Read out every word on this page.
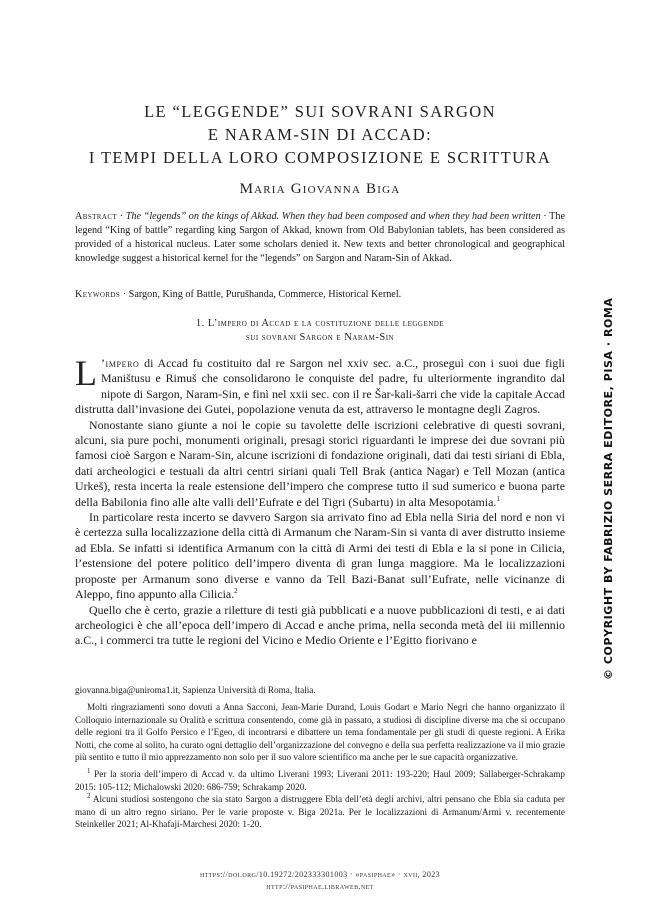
LE “LEGGENDE” SUI SOVRANI SARGON
E NARAM-SIN DI ACCAD:
I TEMPI DELLA LORO COMPOSIZIONE E SCRITTURA
Maria Giovanna Biga
Abstract · The “legends” on the kings of Akkad. When they had been composed and when they had been written · The legend “King of battle” regarding king Sargon of Akkad, known from Old Babylonian tablets, has been considered as provided of a historical nucleus. Later some scholars denied it. New texts and better chronological and geographical knowledge suggest a historical kernel for the “legends” on Sargon and Naram-Sin of Akkad.
Keywords · Sargon, King of Battle, Purušhanda, Commerce, Historical Kernel.
1. L’impero di Accad e la costituzione delle leggende
sui sovrani Sargon e Naram-Sin

L ’impero di Accad fu costituito dal re Sargon nel xxiv sec. a.C., proseguì con i suoi due figli Maništusu e Rimuš che consolidarono le conquiste del padre, fu ulteriormente ingrandito dal nipote di Sargon, Naram-Sin, e finì nel xxii sec. con il re Šar-kali-šarri che vide la capitale Accad distrutta dall’invasione dei Gutei, popolazione venuta da est, attraverso le montagne degli Zagros.

Nonostante siano giunte a noi le copie su tavolette delle iscrizioni celebrative di questi sovrani, alcuni, sia pure pochi, monumenti originali, presagi storici riguardanti le imprese dei due sovrani più famosi cioè Sargon e Naram-Sin, alcune iscrizioni di fondazione originali, dati dai testi siriani di Ebla, dati archeologici e testuali da altri centri siriani quali Tell Brak (antica Nagar) e Tell Mozan (antica Urkeš), resta incerta la reale estensione dell’impero che comprese tutto il sud sumerico e buona parte della Babilonia fino alle alte valli dell’Eufrate e del Tigri (Subartu) in alta Mesopotamia.$^1$

In particolare resta incerto se davvero Sargon sia arrivato fino ad Ebla nella Siria del nord e non vi è certezza sulla localizzazione della città di Armanum che Naram-Sin si vanta di aver distrutto insieme ad Ebla. Se infatti si identifica Armanum con la città di Armi dei testi di Ebla e la si pone in Cilicia, l’estensione del potere politico dell’impero diventa di gran lunga maggiore. Ma le localizzazioni proposte per Armanum sono diverse e vanno da Tell Bazi-Banat sull’Eufrate, nelle vicinanze di Aleppo, fino appunto alla Cilicia.$^2$

Quello che è certo, grazie a riletture di testi già pubblicati e a nuove pubblicazioni di testi, e ai dati archeologici è che all’epoca dell’impero di Accad e anche prima, nella seconda metà del iii millennio a.C., i commerci tra tutte le regioni del Vicino e Medio Oriente e l’Egitto fiorivano e

giovanna.biga@uniroma1.it, Sapienza Università di Roma, Italia.

Molti ringraziamenti sono dovuti a Anna Sacconi, Jean-Marie Durand, Louis Godart e Mario Negri che hanno organizzato il Colloquio internazionale su Oralità e scrittura consentendo, come già in passato, a studiosi di discipline diverse ma che si occupano delle regioni tra il Golfo Persico e l’Egeo, di incontrarsi e dibattere un tema fondamentale per gli studi di queste regioni. A Erika Notti, che come al solito, ha curato ogni dettaglio dell’organizzazione del convegno e della sua perfetta realizzazione va il mio grazie più sentito e tutto il mio apprezzamento non solo per il suo valore scientifico ma anche per le sue capacità organizzative.

$^1$ Per la storia dell’impero di Accad v. da ultimo Liverani 1993; Liverani 2011: 193-220; Haul 2009; Sallaberger-Schrakamp 2015: 105-112; Michalowski 2020: 686-759; Schrakamp 2020.

$^2$ Alcuni studiosi sostengono che sia stato Sargon a distruggere Ebla dell’età degli archivi, altri pensano che Ebla sia caduta per mano di un altro regno siriano. Per le varie proposte v. Biga 2021a. Per le localizzazioni di Armanum/Armi v. recentemente Steinkeller 2021; Al-Khafaji-Marchesi 2020: 1-20.

https://doi.org/10.19272/202333301003 · «pasiphae» · xvii, 2023
http://pasiphae.libraweb.net
© COPYRIGHT BY FABRIZIO SERRA EDITORE, PISA · ROMA
